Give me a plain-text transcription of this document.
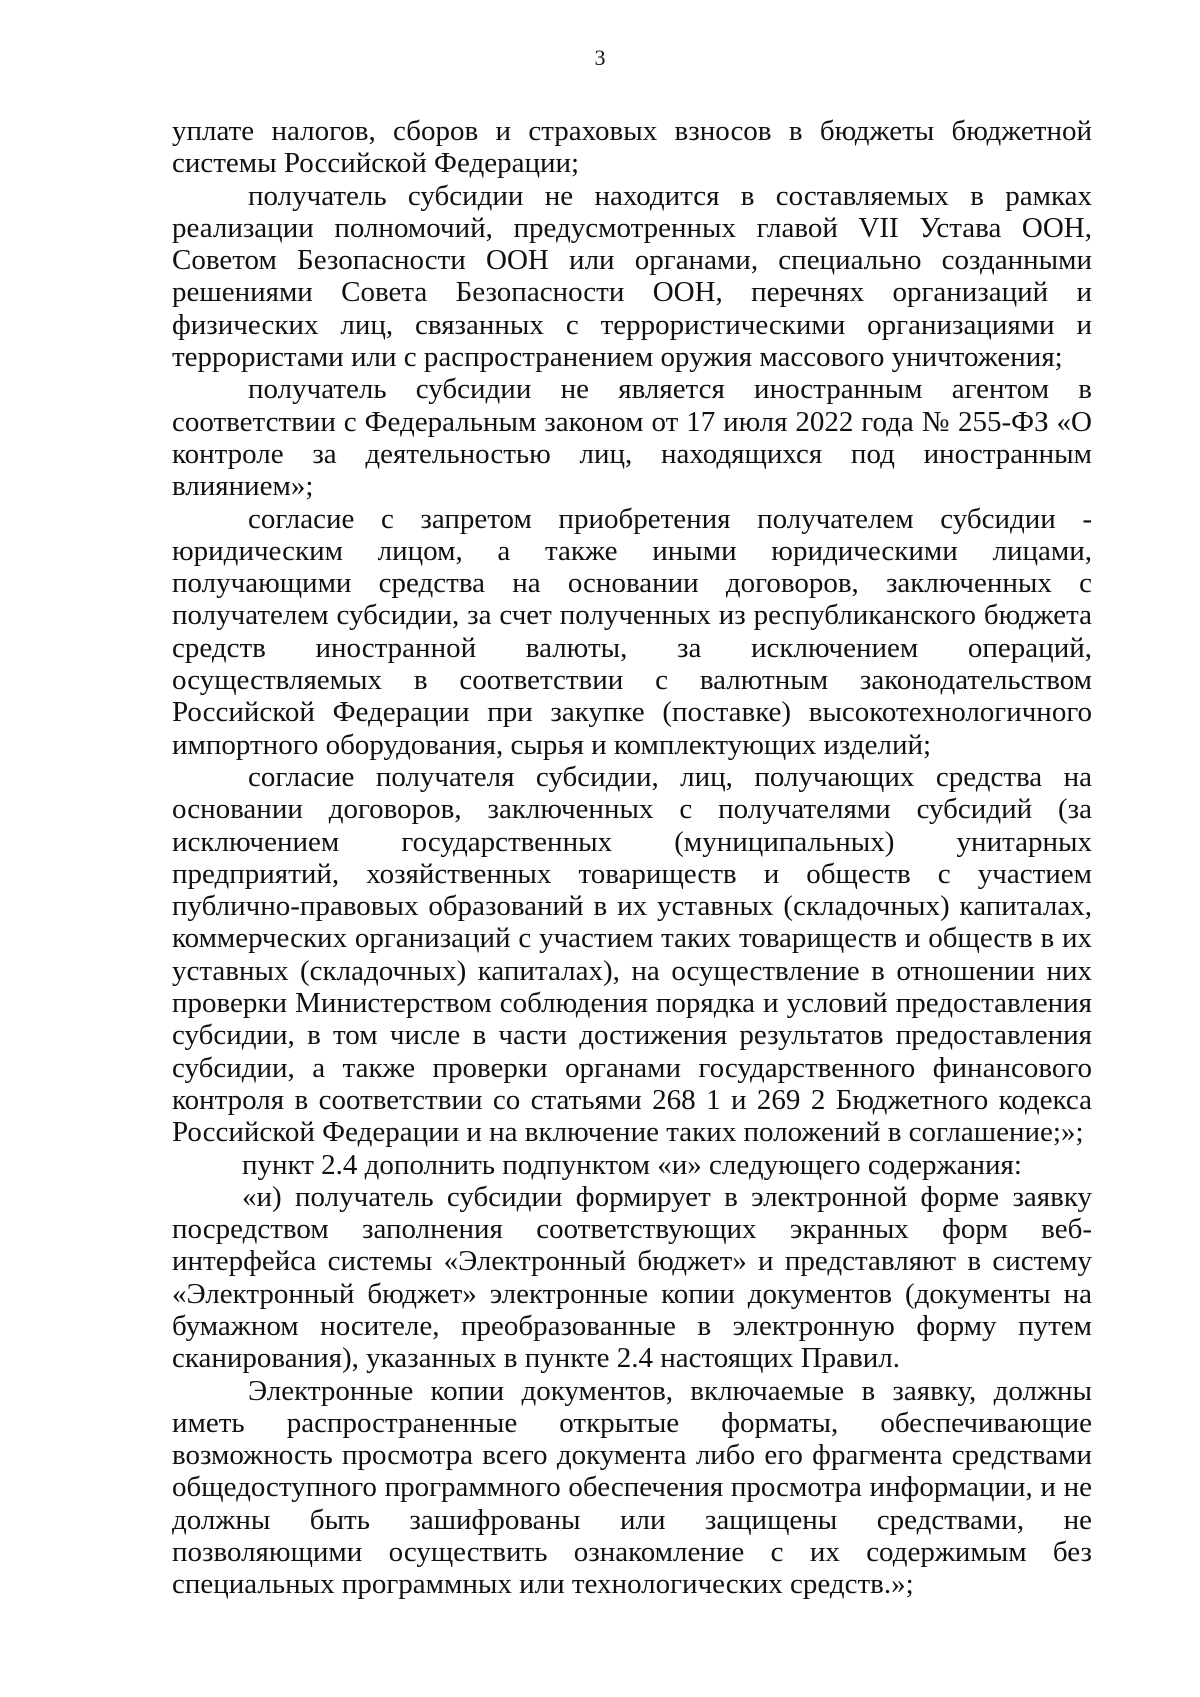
3

уплате налогов, сборов и страховых взносов в бюджеты бюджетной системы Российской Федерации;

получатель субсидии не находится в составляемых в рамках реализации полномочий, предусмотренных главой VII Устава ООН, Советом Безопасности ООН или органами, специально созданными решениями Совета Безопасности ООН, перечнях организаций и физических лиц, связанных с террористическими организациями и террористами или с распространением оружия массового уничтожения;

получатель субсидии не является иностранным агентом в соответствии с Федеральным законом от 17 июля 2022 года № 255-ФЗ «О контроле за деятельностью лиц, находящихся под иностранным влиянием»;

согласие с запретом приобретения получателем субсидии - юридическим лицом, а также иными юридическими лицами, получающими средства на основании договоров, заключенных с получателем субсидии, за счет полученных из республиканского бюджета средств иностранной валюты, за исключением операций, осуществляемых в соответствии с валютным законодательством Российской Федерации при закупке (поставке) высокотехнологичного импортного оборудования, сырья и комплектующих изделий;

согласие получателя субсидии, лиц, получающих средства на основании договоров, заключенных с получателями субсидий (за исключением государственных (муниципальных) унитарных предприятий, хозяйственных товариществ и обществ с участием публично-правовых образований в их уставных (складочных) капиталах, коммерческих организаций с участием таких товариществ и обществ в их уставных (складочных) капиталах), на осуществление в отношении них проверки Министерством соблюдения порядка и условий предоставления субсидии, в том числе в части достижения результатов предоставления субсидии, а также проверки органами государственного финансового контроля в соответствии со статьями 268 1 и 269 2 Бюджетного кодекса Российской Федерации и на включение таких положений в соглашение;»;

пункт 2.4 дополнить подпунктом «и» следующего содержания:

«и) получатель субсидии формирует в электронной форме заявку посредством заполнения соответствующих экранных форм веб-интерфейса системы «Электронный бюджет» и представляют в систему «Электронный бюджет» электронные копии документов (документы на бумажном носителе, преобразованные в электронную форму путем сканирования), указанных в пункте 2.4 настоящих Правил.

Электронные копии документов, включаемые в заявку, должны иметь распространенные открытые форматы, обеспечивающие возможность просмотра всего документа либо его фрагмента средствами общедоступного программного обеспечения просмотра информации, и не должны быть зашифрованы или защищены средствами, не позволяющими осуществить ознакомление с их содержимым без специальных программных или технологических средств.»;
